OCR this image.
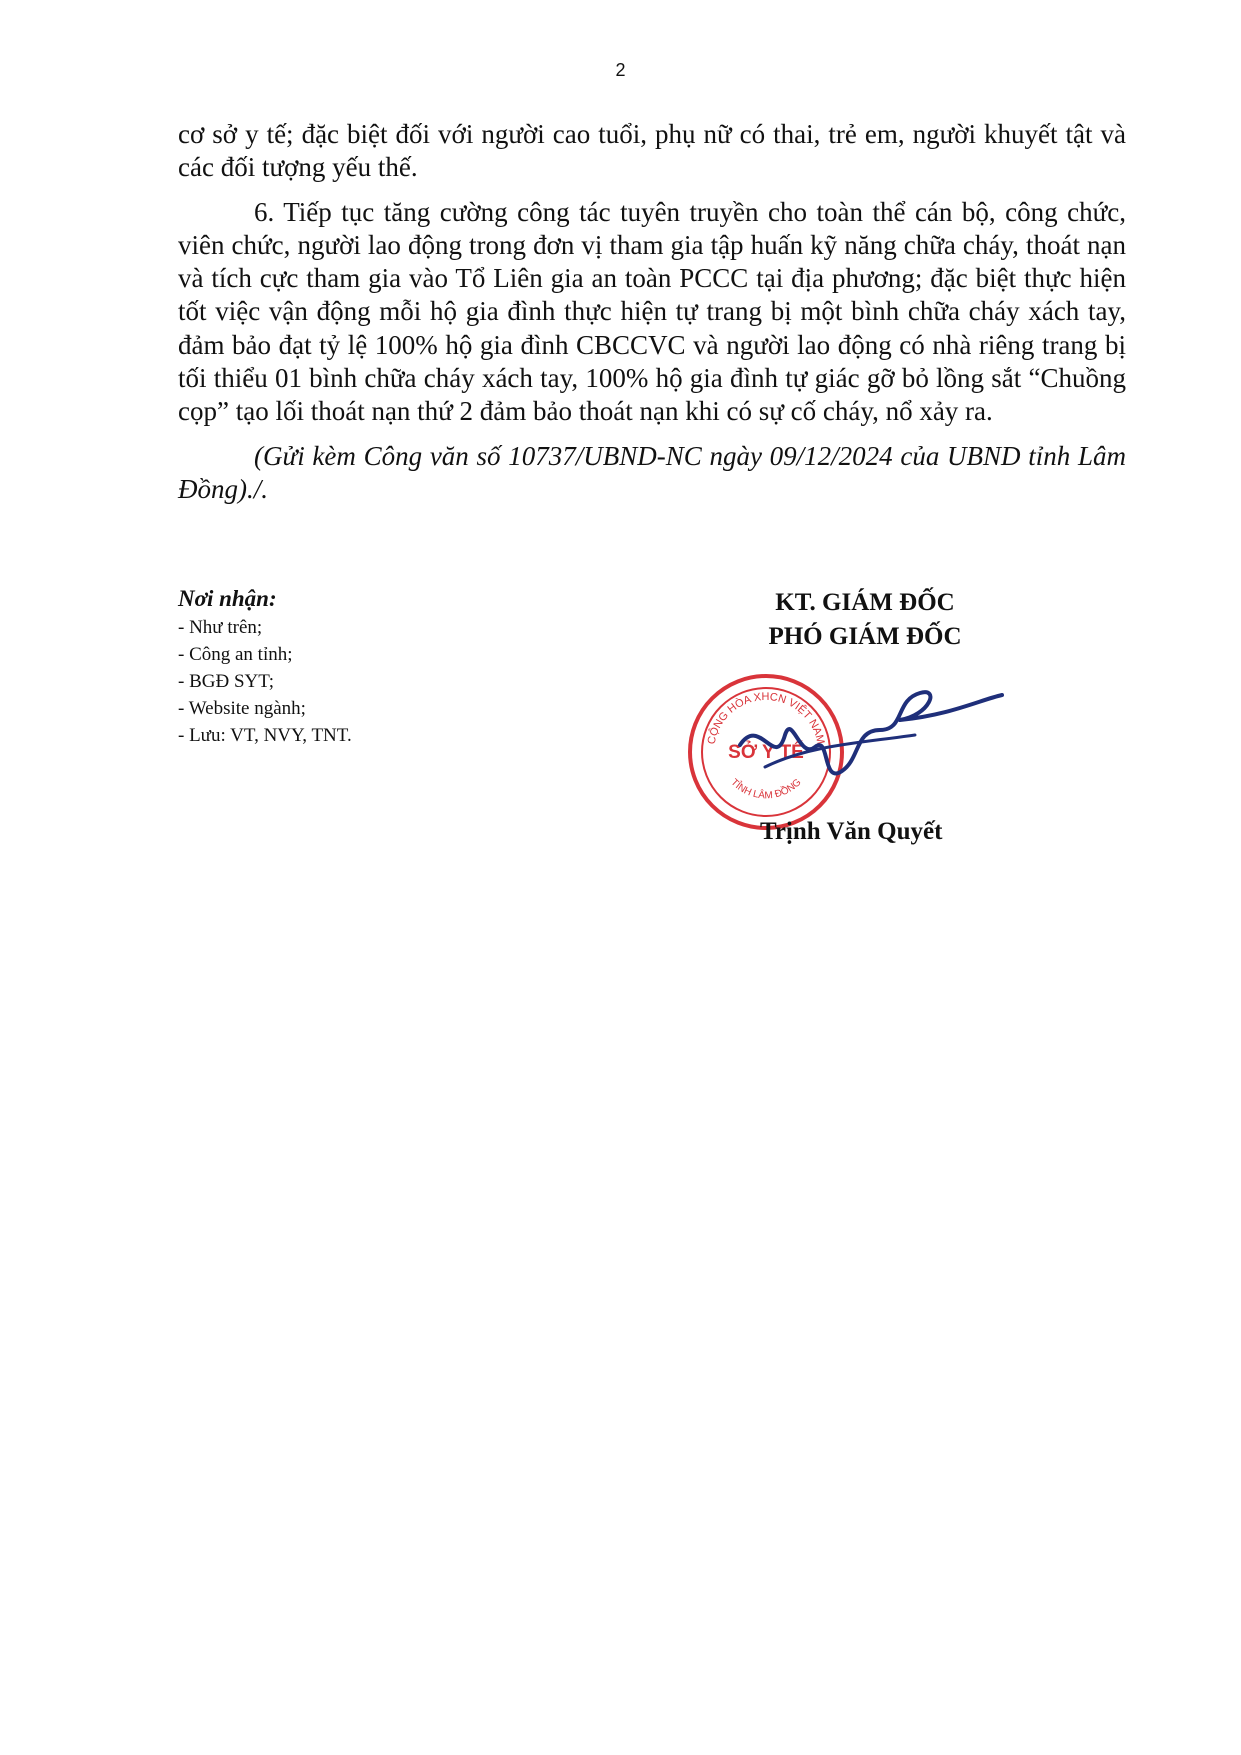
2

cơ sở y tế; đặc biệt đối với người cao tuổi, phụ nữ có thai, trẻ em, người khuyết tật và các đối tượng yếu thế.

6. Tiếp tục tăng cường công tác tuyên truyền cho toàn thể cán bộ, công chức, viên chức, người lao động trong đơn vị tham gia tập huấn kỹ năng chữa cháy, thoát nạn và tích cực tham gia vào Tổ Liên gia an toàn PCCC tại địa phương; đặc biệt thực hiện tốt việc vận động mỗi hộ gia đình thực hiện tự trang bị một bình chữa cháy xách tay, đảm bảo đạt tỷ lệ 100% hộ gia đình CBCCVC và người lao động có nhà riêng trang bị tối thiểu 01 bình chữa cháy xách tay, 100% hộ gia đình tự giác gỡ bỏ lồng sắt “Chuồng cọp” tạo lối thoát nạn thứ 2 đảm bảo thoát nạn khi có sự cố cháy, nổ xảy ra.

(Gửi kèm Công văn số 10737/UBND-NC ngày 09/12/2024 của UBND tỉnh Lâm Đồng)./.

Nơi nhận:
- Như trên;
- Công an tỉnh;
- BGĐ SYT;
- Website ngành;
- Lưu: VT, NVY, TNT.
KT. GIÁM ĐỐC
PHÓ GIÁM ĐỐC
CỘNG HÒA XHCN VIỆT NAM
SỞ Y TẾ
TỈNH LÂM ĐỒNG
Trịnh Văn Quyết
